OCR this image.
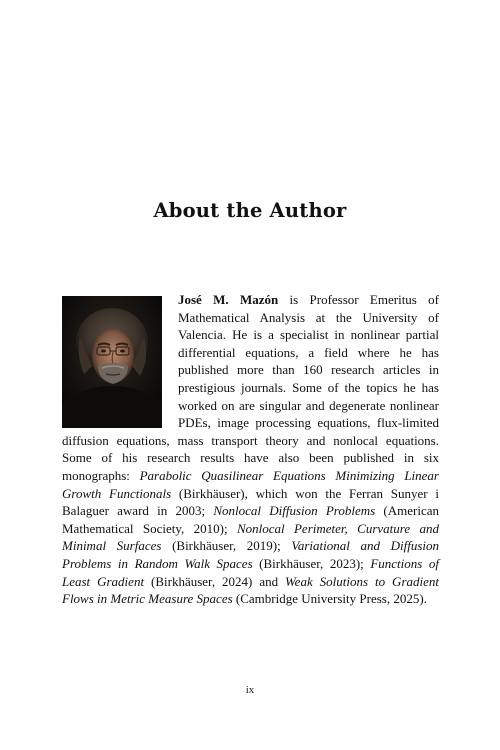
About the Author

José M. Mazón is Professor Emeritus of Mathematical Analysis at the University of Valencia. He is a specialist in nonlinear partial differential equations, a field where he has published more than 160 research articles in prestigious journals. Some of the topics he has worked on are singular and degenerate nonlinear PDEs, image processing equations, flux-limited diffusion equations, mass transport theory and nonlocal equations. Some of his research results have also been published in six monographs: Parabolic Quasilinear Equations Minimizing Linear Growth Functionals (Birkhäuser), which won the Ferran Sunyer i Balaguer award in 2003; Nonlocal Diffusion Problems (American Mathematical Society, 2010); Nonlocal Perimeter, Curvature and Minimal Surfaces (Birkhäuser, 2019); Variational and Diffusion Problems in Random Walk Spaces (Birkhäuser, 2023); Functions of Least Gradient (Birkhäuser, 2024) and Weak Solutions to Gradient Flows in Metric Measure Spaces (Cambridge University Press, 2025).

ix
